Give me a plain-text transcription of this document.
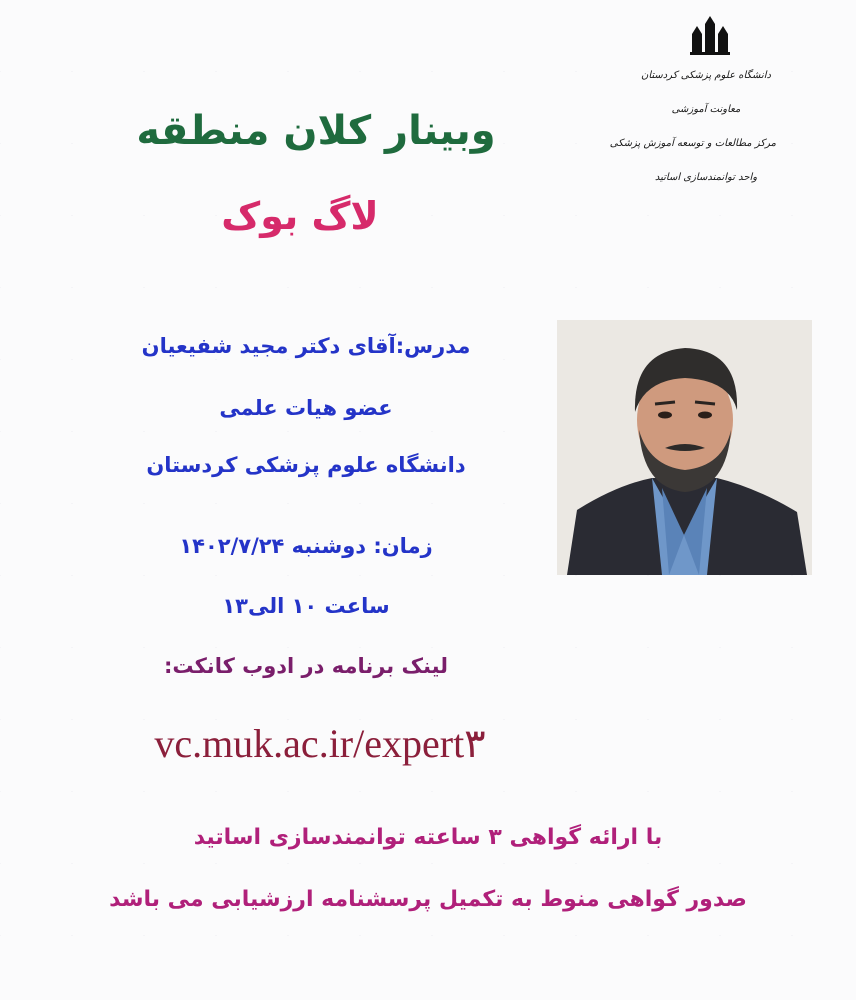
دانشگاه علوم پزشکی کردستان
معاونت آموزشی
مرکز مطالعات و توسعه آموزش پزشکی
واحد توانمندسازی اساتید
وبینار کلان منطقه
لاگ بوک
مدرس:آقای دکتر مجید شفیعیان
عضو هیات علمی
دانشگاه علوم پزشکی کردستان
زمان: دوشنبه ۱۴۰۲/۷/۲۴
ساعت ۱۰ الی۱۳
لینک برنامه در ادوب کانکت:
vc.muk.ac.ir/expert۳
با ارائه گواهی ۳ ساعته توانمندسازی اساتید
صدور گواهی منوط به تکمیل پرسشنامه ارزشیابی می باشد
